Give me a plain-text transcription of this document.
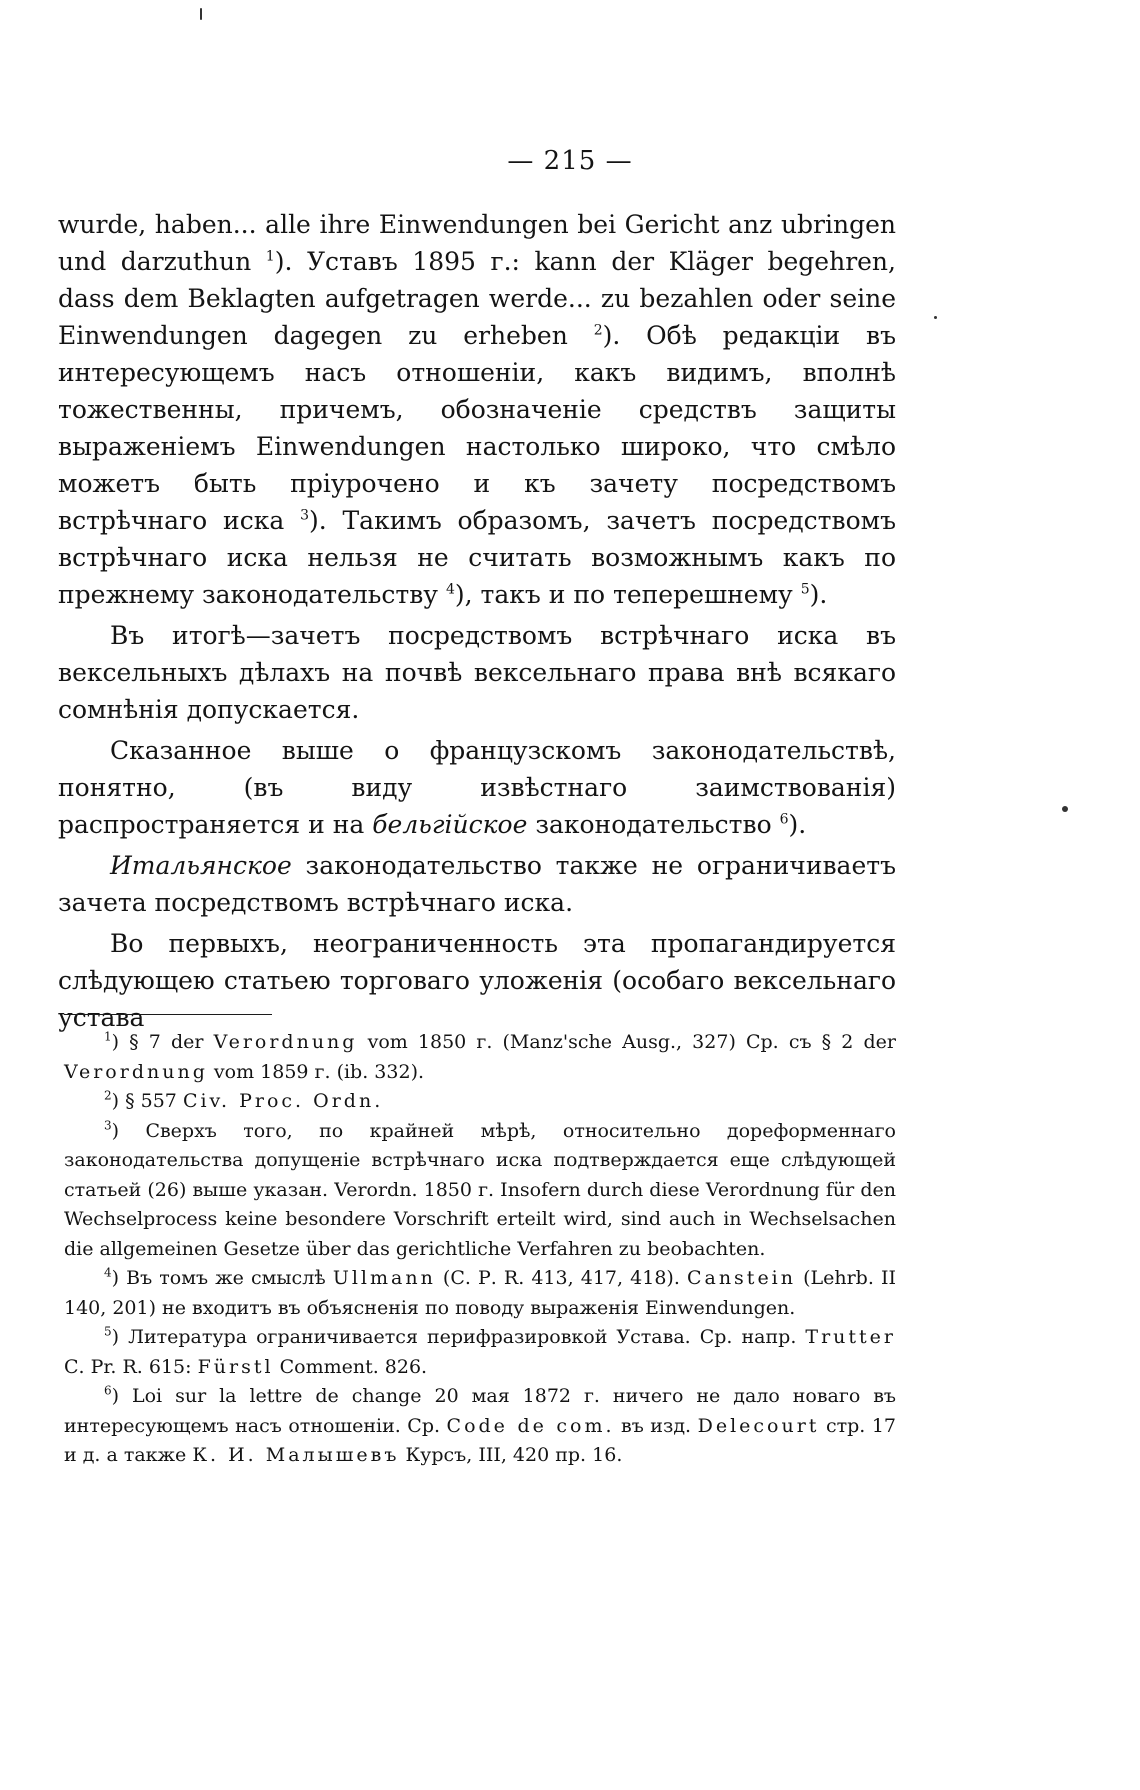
— 215 —

wurde, haben... alle ihre Einwendungen bei Gericht anz ubringen und darzuthun $^1$). Уставъ 1895 г.: kann der Kläger begehren, dass dem Beklagten aufgetragen werde... zu bezahlen oder seine Einwendungen dagegen zu erheben $^2$). Обѣ редакціи въ интересующемъ насъ отношеніи, какъ видимъ, вполнѣ тожественны, причемъ, обозначеніе средствъ защиты выраженіемъ Einwendungen настолько широко, что смѣло можетъ быть пріурочено и къ зачету посредствомъ встрѣчнаго иска $^3$). Такимъ образомъ, зачетъ посредствомъ встрѣчнаго иска нельзя не считать возможнымъ какъ по прежнему законодательству $^4$), такъ и по теперешнему $^5$).

Въ итогѣ—зачетъ посредствомъ встрѣчнаго иска въ вексельныхъ дѣлахъ на почвѣ вексельнаго права внѣ всякаго сомнѣнія допускается.

Сказанное выше о французскомъ законодательствѣ, понятно, (въ виду извѣстнаго заимствованія) распространяется и на бельгійское законодательство $^6$).

Итальянское законодательство также не ограничиваетъ зачета посредствомъ встрѣчнаго иска.

Во первыхъ, неограниченность эта пропагандируется слѣдующею статьею торговаго уложенія (особаго вексельнаго устава

$^1$) § 7 der Verordnung vom 1850 г. (Manz'sche Ausg., 327) Ср. съ § 2 der Verordnung vom 1859 г. (ib. 332).

$^2$) § 557 Civ. Proc. Ordn.

$^3$) Сверхъ того, по крайней мѣрѣ, относительно дореформеннаго законодательства допущеніе встрѣчнаго иска подтверждается еще слѣдующей статьей (26) выше указан. Verordn. 1850 г. Insofern durch diese Verordnung für den Wechselprocess keine besondere Vorschrift erteilt wird, sind auch in Wechselsachen die allgemeinen Gesetze über das gerichtliche Verfahren zu beobachten.

$^4$) Въ томъ же смыслѣ Ullmann (С. Р. R. 413, 417, 418). Canstein (Lehrb. II 140, 201) не входитъ въ объясненія по поводу выраженія Einwendungen.

$^5$) Литература ограничивается перифразировкой Устава. Ср. напр. Trutter С. Pr. R. 615: Fürstl Comment. 826.

$^6$) Loi sur la lettre de change 20 мая 1872 г. ничего не дало новаго въ интересующемъ насъ отношеніи. Ср. Code de com. въ изд. Delecourt стр. 17 и д. а также К. И. Малышевъ Курсъ, III, 420 пр. 16.
